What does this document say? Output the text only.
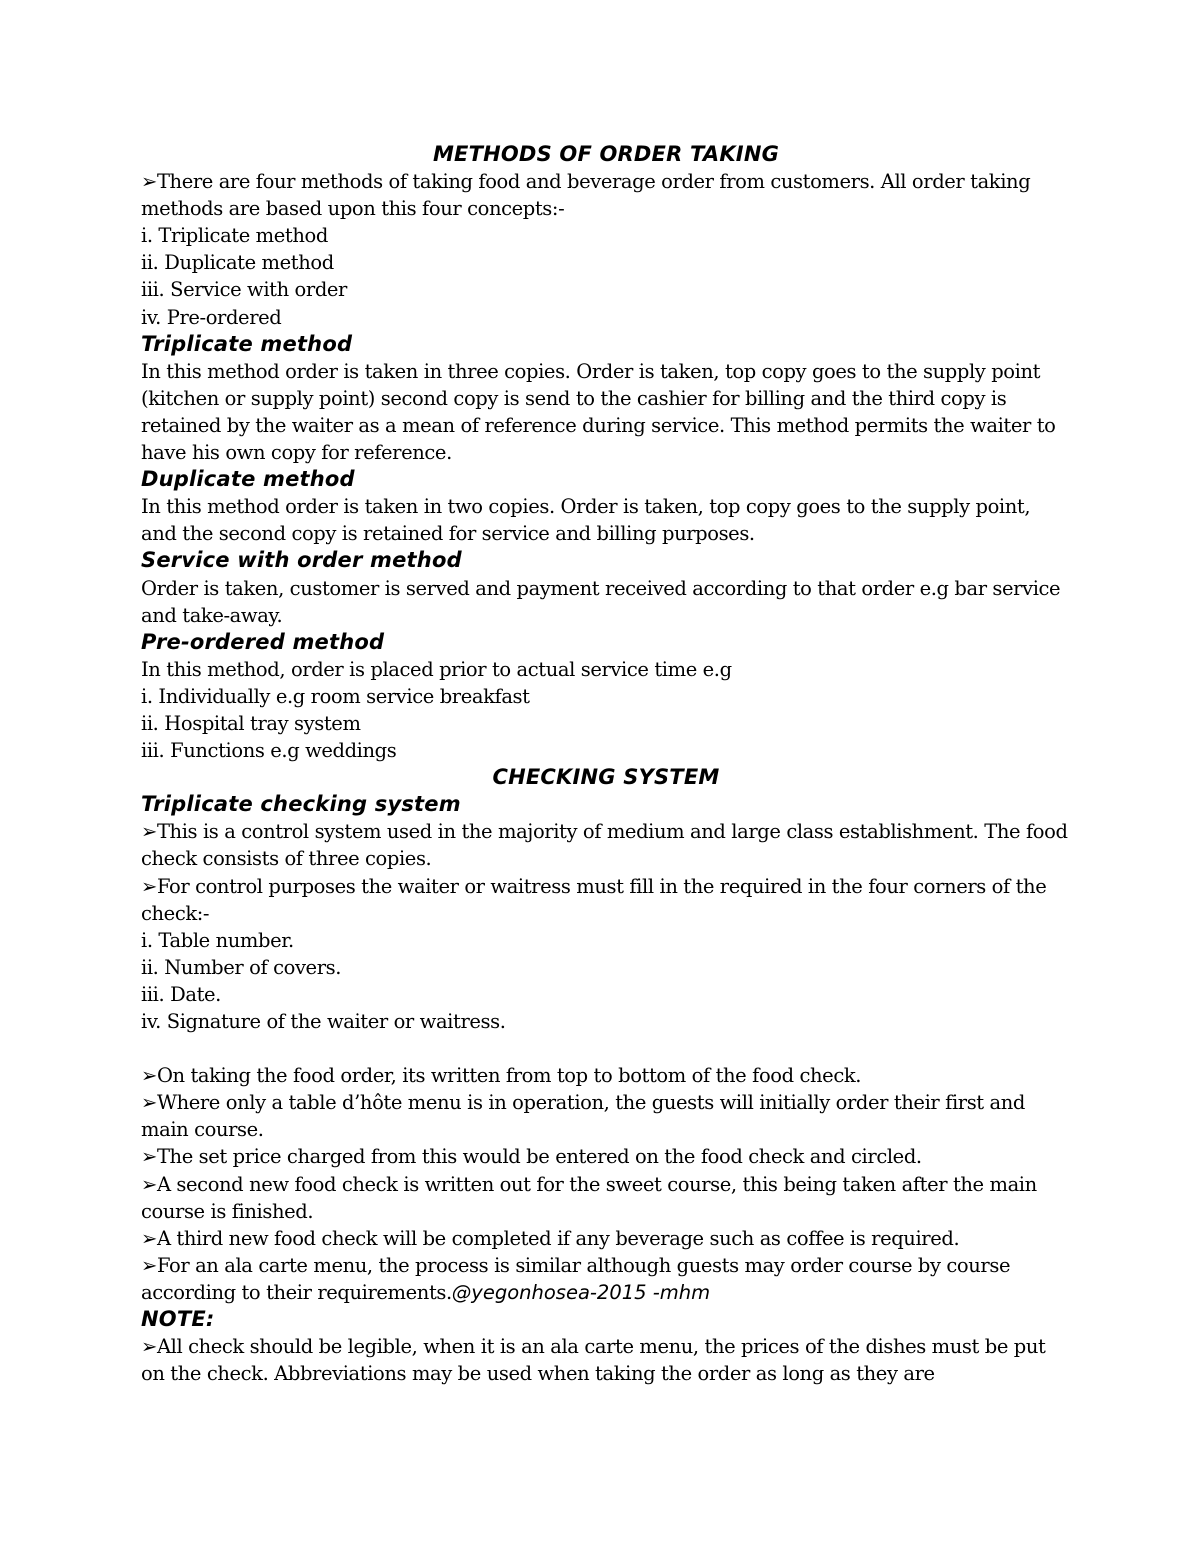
METHODS OF ORDER TAKING
➢There are four methods of taking food and beverage order from customers. All order taking methods are based upon this four concepts:-
i. Triplicate method
ii. Duplicate method
iii. Service with order
iv. Pre-ordered
Triplicate method
In this method order is taken in three copies. Order is taken, top copy goes to the supply point (kitchen or supply point) second copy is send to the cashier for billing and the third copy is retained by the waiter as a mean of reference during service. This method permits the waiter to have his own copy for reference.
Duplicate method
In this method order is taken in two copies. Order is taken, top copy goes to the supply point, and the second copy is retained for service and billing purposes.
Service with order method
Order is taken, customer is served and payment received according to that order e.g bar service and take-away.
Pre-ordered method
In this method, order is placed prior to actual service time e.g
i. Individually e.g room service breakfast
ii. Hospital tray system
iii. Functions e.g weddings
CHECKING SYSTEM
Triplicate checking system
➢This is a control system used in the majority of medium and large class establishment. The food check consists of three copies.
➢For control purposes the waiter or waitress must fill in the required in the four corners of the check:-
i. Table number.
ii. Number of covers.
iii. Date.
iv. Signature of the waiter or waitress.
➢On taking the food order, its written from top to bottom of the food check.
➢Where only a table d’hôte menu is in operation, the guests will initially order their first and main course.
➢The set price charged from this would be entered on the food check and circled.
➢A second new food check is written out for the sweet course, this being taken after the main course is finished.
➢A third new food check will be completed if any beverage such as coffee is required.
➢For an ala carte menu, the process is similar although guests may order course by course according to their requirements.@yegonhosea-2015 -mhm
NOTE:
➢All check should be legible, when it is an ala carte menu, the prices of the dishes must be put on the check. Abbreviations may be used when taking the order as long as they are
